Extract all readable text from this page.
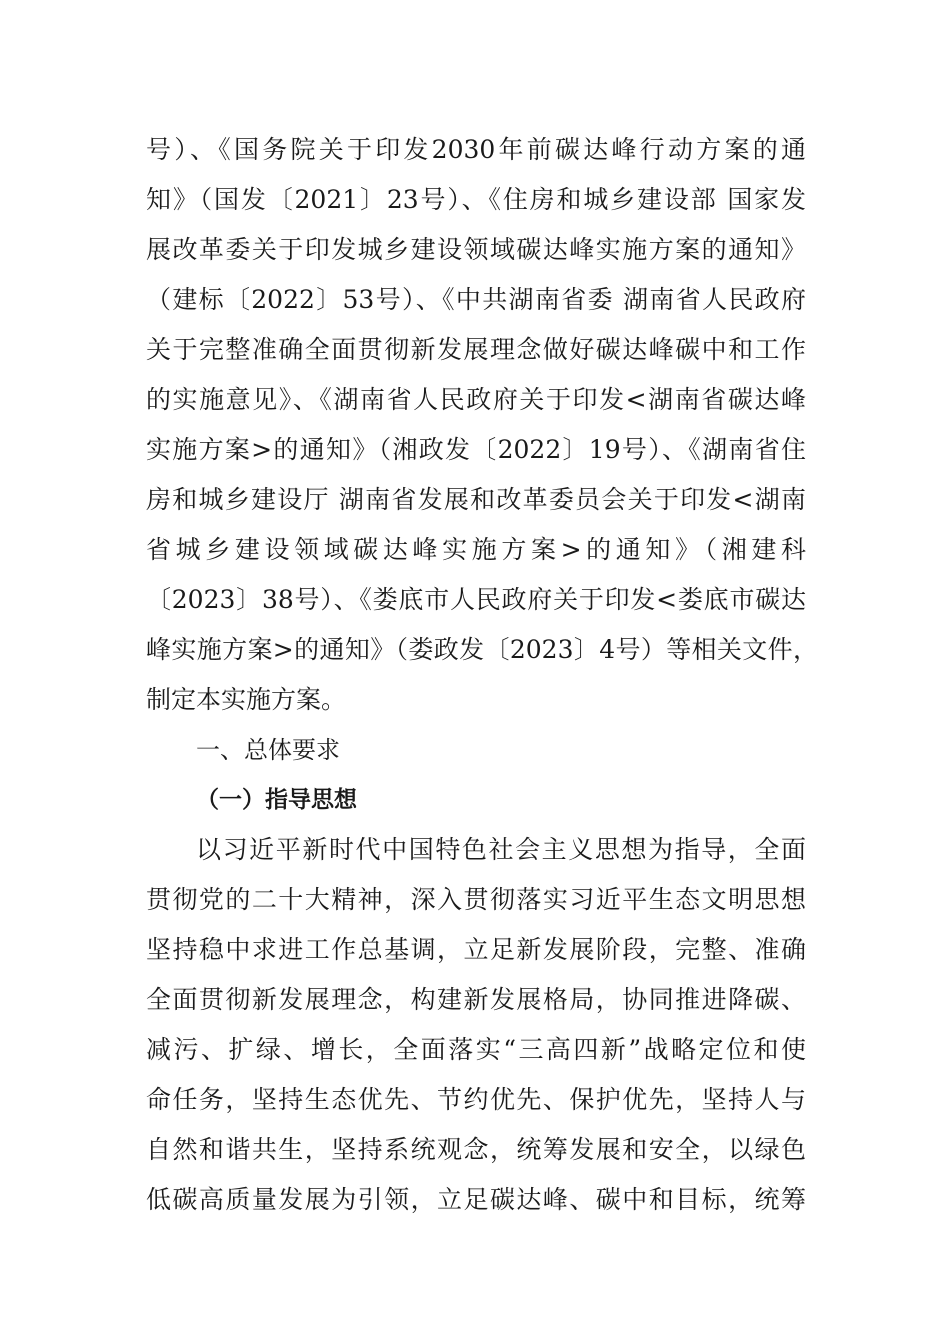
号）、《国务院关于印发2030年前碳达峰行动方案的通
知》（国发〔2021〕23号）、《住房和城乡建设部 国家发
展改革委关于印发城乡建设领域碳达峰实施方案的通知》
（建标〔2022〕53号）、《中共湖南省委 湖南省人民政府
关于完整准确全面贯彻新发展理念做好碳达峰碳中和工作
的实施意见》、《湖南省人民政府关于印发<湖南省碳达峰
实施方案>的通知》（湘政发〔2022〕19号）、《湖南省住
房和城乡建设厅 湖南省发展和改革委员会关于印发<湖南
省城乡建设领域碳达峰实施方案>的通知》（湘建科
〔2023〕38号）、《娄底市人民政府关于印发<娄底市碳达
峰实施方案>的通知》（娄政发〔2023〕4号）等相关文件，
制定本实施方案。
一、总体要求
（一）指导思想
以习近平新时代中国特色社会主义思想为指导，全面
贯彻党的二十大精神，深入贯彻落实习近平生态文明思想
坚持稳中求进工作总基调，立足新发展阶段，完整、准确
全面贯彻新发展理念，构建新发展格局，协同推进降碳、
减污、扩绿、增长，全面落实“三高四新”战略定位和使
命任务，坚持生态优先、节约优先、保护优先，坚持人与
自然和谐共生，坚持系统观念，统筹发展和安全，以绿色
低碳高质量发展为引领，立足碳达峰、碳中和目标，统筹
